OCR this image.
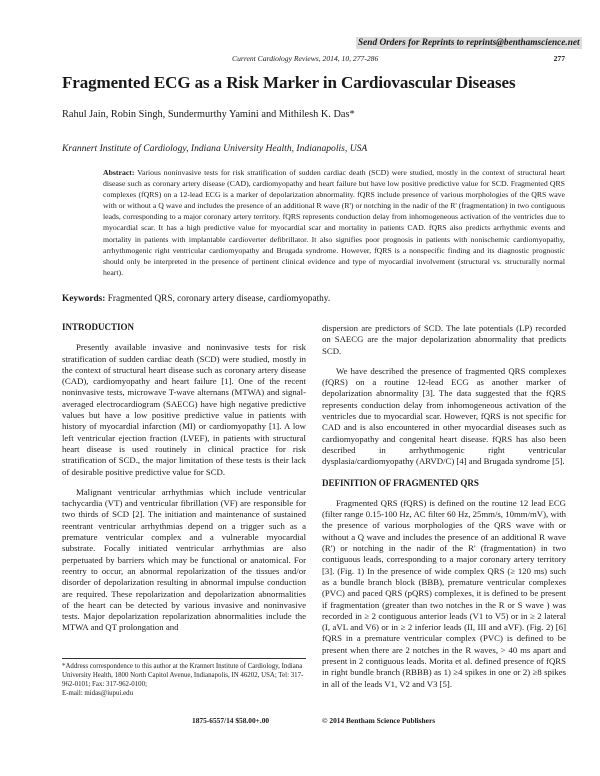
Send Orders for Reprints to reprints@benthamscience.net
Current Cardiology Reviews, 2014, 10, 277-286	277
Fragmented ECG as a Risk Marker in Cardiovascular Diseases
Rahul Jain, Robin Singh, Sundermurthy Yamini and Mithilesh K. Das*
Krannert Institute of Cardiology, Indiana University Health, Indianapolis, USA
Abstract: Various noninvasive tests for risk stratification of sudden cardiac death (SCD) were studied, mostly in the context of structural heart disease such as coronary artery disease (CAD), cardiomyopathy and heart failure but have low positive predictive value for SCD. Fragmented QRS complexes (fQRS) on a 12-lead ECG is a marker of depolarization abnormality. fQRS include presence of various morphologies of the QRS wave with or without a Q wave and includes the presence of an additional R wave (R') or notching in the nadir of the R' (fragmentation) in two contiguous leads, corresponding to a major coronary artery territory. fQRS represents conduction delay from inhomogeneous activation of the ventricles due to myocardial scar. It has a high predictive value for myocardial scar and mortality in patients CAD. fQRS also predicts arrhythmic events and mortality in patients with implantable cardioverter defibrillator. It also signifies poor prognosis in patients with nonischemic cardiomyopathy, arrhythmogenic right ventricular cardiomyopathy and Brugada syndrome. However, fQRS is a nonspecific finding and its diagnostic prognostic should only be interpreted in the presence of pertinent clinical evidence and type of myocardial involvement (structural vs. structurally normal heart).
Keywords: Fragmented QRS, coronary artery disease, cardiomyopathy.

INTRODUCTION

Presently available invasive and noninvasive tests for risk stratification of sudden cardiac death (SCD) were studied, mostly in the context of structural heart disease such as coronary artery disease (CAD), cardiomyopathy and heart failure [1]. One of the recent noninvasive tests, microwave T-wave alternans (MTWA) and signal-averaged electrocardiogram (SAECG) have high negative predictive values but have a low positive predictive value in patients with history of myocardial infarction (MI) or cardiomyopathy [1]. A low left ventricular ejection fraction (LVEF), in patients with structural heart disease is used routinely in clinical practice for risk stratification of SCD., the major limitation of these tests is their lack of desirable positive predictive value for SCD.

Malignant ventricular arrhythmias which include ventricular tachycardia (VT) and ventricular fibrillation (VF) are responsible for two thirds of SCD [2]. The initiation and maintenance of sustained reentrant ventricular arrhythmias depend on a trigger such as a premature ventricular complex and a vulnerable myocardial substrate. Focally initiated ventricular arrhythmias are also perpetuated by barriers which may be functional or anatomical. For reentry to occur, an abnormal repolarization of the tissues and/or disorder of depolarization resulting in abnormal impulse conduction are required. These repolarization and depolarization abnormalities of the heart can be detected by various invasive and noninvasive tests. Major depolarization repolarization abnormalities include the MTWA and QT prolongation and

*Address correspondence to this author at the Krannert Institute of Cardiology, Indiana University Health, 1800 North Capitol Avenue, Indianapolis, IN 46202, USA; Tel: 317-962-0101; Fax: 317-962-0100;
E-mail: midas@iupui.edu

dispersion are predictors of SCD. The late potentials (LP) recorded on SAECG are the major depolarization abnormality that predicts SCD.

We have described the presence of fragmented QRS complexes (fQRS) on a routine 12-lead ECG as another marker of depolarization abnormality [3]. The data suggested that the fQRS represents conduction delay from inhomogeneous activation of the ventricles due to myocardial scar. However, fQRS is not specific for CAD and is also encountered in other myocardial diseases such as cardiomyopathy and congenital heart disease. fQRS has also been described in arrhythmogenic right ventricular dysplasia/cardiomyopathy (ARVD/C) [4] and Brugada syndrome [5].

DEFINITION OF FRAGMENTED QRS

Fragmented QRS (fQRS) is defined on the routine 12 lead ECG (filter range 0.15-100 Hz, AC filter 60 Hz, 25mm/s, 10mm/mV), with the presence of various morphologies of the QRS wave with or without a Q wave and includes the presence of an additional R wave (R') or notching in the nadir of the R' (fragmentation) in two contiguous leads, corresponding to a major coronary artery territory [3]. (Fig. 1) In the presence of wide complex QRS (≥ 120 ms) such as a bundle branch block (BBB), premature ventricular complexes (PVC) and paced QRS (pQRS) complexes, it is defined to be present if fragmentation (greater than two notches in the R or S wave ) was recorded in ≥ 2 contiguous anterior leads (V1 to V5) or in ≥ 2 lateral (I, aVL and V6) or in ≥ 2 inferior leads (II, III and aVF). (Fig. 2) [6] fQRS in a premature ventricular complex (PVC) is defined to be present when there are 2 notches in the R waves, > 40 ms apart and present in 2 contiguous leads. Morita et al. defined presence of fQRS in right bundle branch (RBBB) as 1) ≥4 spikes in one or 2) ≥8 spikes in all of the leads V1, V2 and V3 [5].

1875-6557/14 $58.00+.00	© 2014 Bentham Science Publishers
